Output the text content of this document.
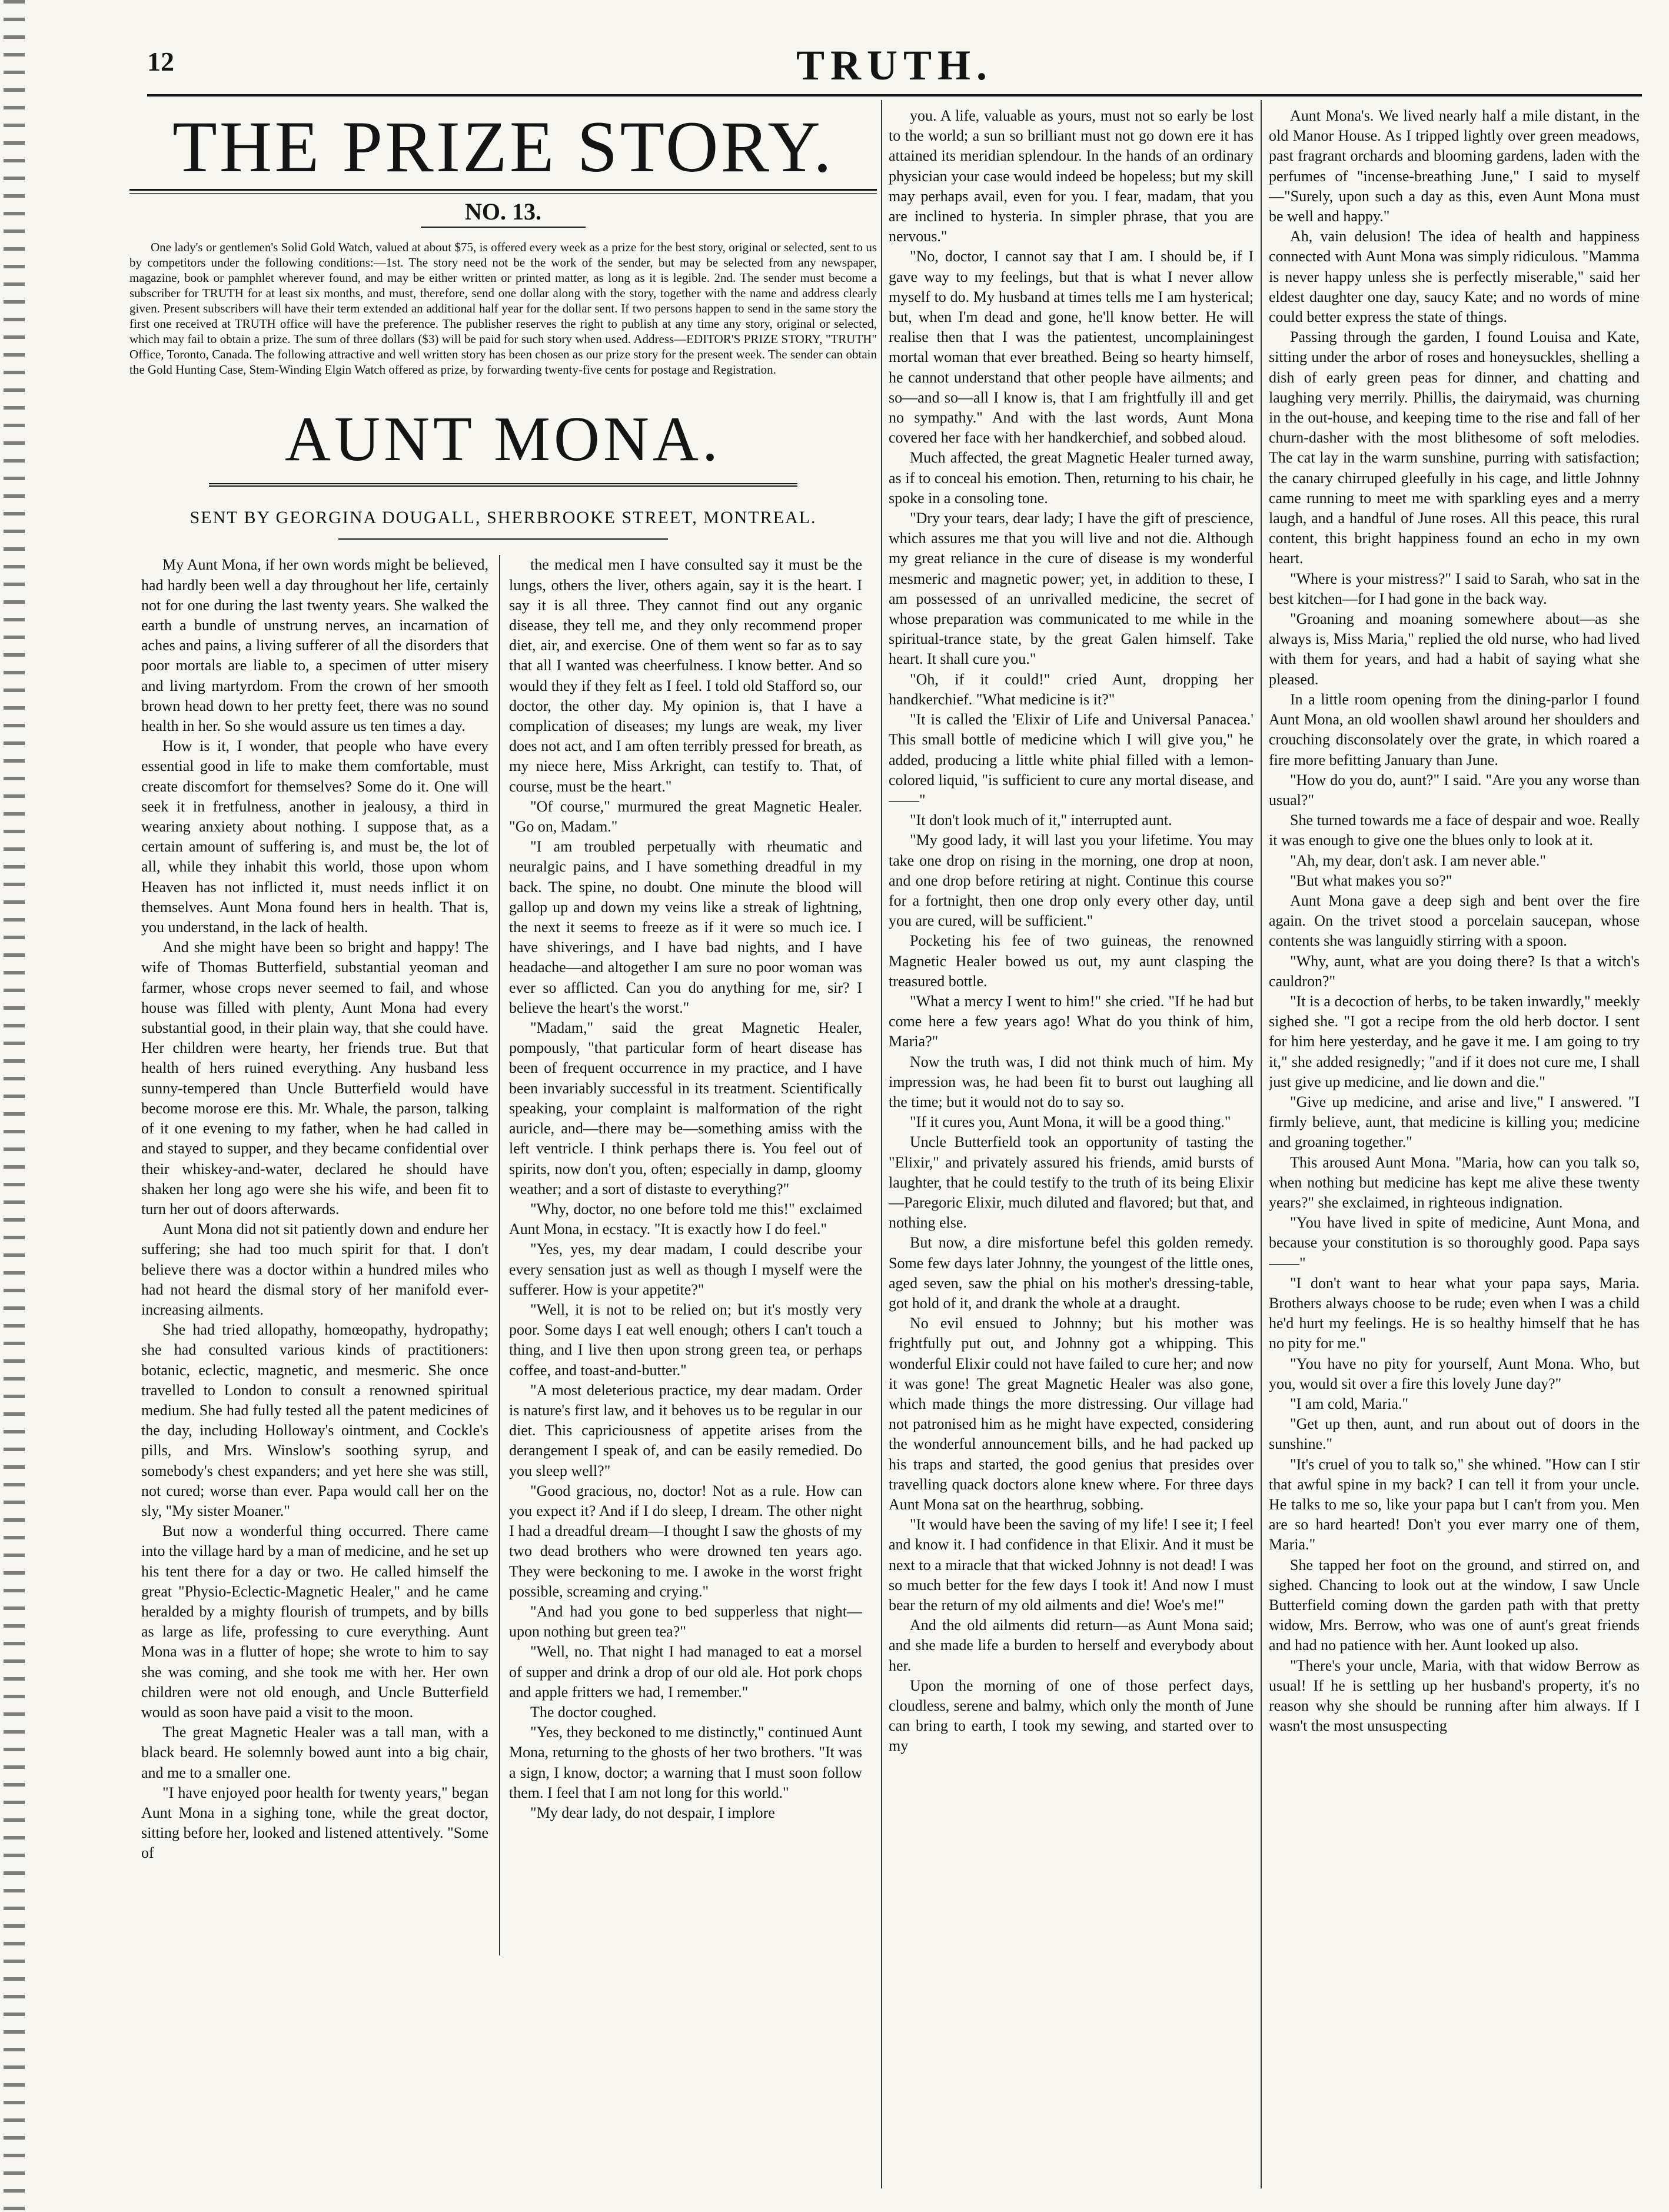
12	TRUTH.
THE PRIZE STORY.
NO. 13.

One lady's or gentlemen's Solid Gold Watch, valued at about $75, is offered every week as a prize for the best story, original or selected, sent to us by competitors under the following conditions:—1st. The story need not be the work of the sender, but may be selected from any newspaper, magazine, book or pamphlet wherever found, and may be either written or printed matter, as long as it is legible. 2nd. The sender must become a subscriber for TRUTH for at least six months, and must, therefore, send one dollar along with the story, together with the name and address clearly given. Present subscribers will have their term extended an additional half year for the dollar sent. If two persons happen to send in the same story the first one received at TRUTH office will have the preference. The publisher reserves the right to publish at any time any story, original or selected, which may fail to obtain a prize. The sum of three dollars ($3) will be paid for such story when used. Address—EDITOR'S PRIZE STORY, "TRUTH" Office, Toronto, Canada. The following attractive and well written story has been chosen as our prize story for the present week. The sender can obtain the Gold Hunting Case, Stem-Winding Elgin Watch offered as prize, by forwarding twenty-five cents for postage and Registration.

AUNT MONA.
SENT BY GEORGINA DOUGALL, SHERBROOKE STREET, MONTREAL.

My Aunt Mona, if her own words might be believed, had hardly been well a day throughout her life, certainly not for one during the last twenty years. She walked the earth a bundle of unstrung nerves, an incarnation of aches and pains, a living sufferer of all the disorders that poor mortals are liable to, a specimen of utter misery and living martyrdom. From the crown of her smooth brown head down to her pretty feet, there was no sound health in her. So she would assure us ten times a day.

How is it, I wonder, that people who have every essential good in life to make them comfortable, must create discomfort for themselves? Some do it. One will seek it in fretfulness, another in jealousy, a third in wearing anxiety about nothing. I suppose that, as a certain amount of suffering is, and must be, the lot of all, while they inhabit this world, those upon whom Heaven has not inflicted it, must needs inflict it on themselves. Aunt Mona found hers in health. That is, you understand, in the lack of health.

And she might have been so bright and happy! The wife of Thomas Butterfield, substantial yeoman and farmer, whose crops never seemed to fail, and whose house was filled with plenty, Aunt Mona had every substantial good, in their plain way, that she could have. Her children were hearty, her friends true. But that health of hers ruined everything. Any husband less sunny-tempered than Uncle Butterfield would have become morose ere this. Mr. Whale, the parson, talking of it one evening to my father, when he had called in and stayed to supper, and they became confidential over their whiskey-and-water, declared he should have shaken her long ago were she his wife, and been fit to turn her out of doors afterwards.

Aunt Mona did not sit patiently down and endure her suffering; she had too much spirit for that. I don't believe there was a doctor within a hundred miles who had not heard the dismal story of her manifold ever-increasing ailments.

She had tried allopathy, homœopathy, hydropathy; she had consulted various kinds of practitioners: botanic, eclectic, magnetic, and mesmeric. She once travelled to London to consult a renowned spiritual medium. She had fully tested all the patent medicines of the day, including Holloway's ointment, and Cockle's pills, and Mrs. Winslow's soothing syrup, and somebody's chest expanders; and yet here she was still, not cured; worse than ever. Papa would call her on the sly, "My sister Moaner."

But now a wonderful thing occurred. There came into the village hard by a man of medicine, and he set up his tent there for a day or two. He called himself the great "Physio-Eclectic-Magnetic Healer," and he came heralded by a mighty flourish of trumpets, and by bills as large as life, professing to cure everything. Aunt Mona was in a flutter of hope; she wrote to him to say she was coming, and she took me with her. Her own children were not old enough, and Uncle Butterfield would as soon have paid a visit to the moon.

The great Magnetic Healer was a tall man, with a black beard. He solemnly bowed aunt into a big chair, and me to a smaller one.

"I have enjoyed poor health for twenty years," began Aunt Mona in a sighing tone, while the great doctor, sitting before her, looked and listened attentively. "Some of

the medical men I have consulted say it must be the lungs, others the liver, others again, say it is the heart. I say it is all three. They cannot find out any organic disease, they tell me, and they only recommend proper diet, air, and exercise. One of them went so far as to say that all I wanted was cheerfulness. I know better. And so would they if they felt as I feel. I told old Stafford so, our doctor, the other day. My opinion is, that I have a complication of diseases; my lungs are weak, my liver does not act, and I am often terribly pressed for breath, as my niece here, Miss Arkright, can testify to. That, of course, must be the heart."

"Of course," murmured the great Magnetic Healer. "Go on, Madam."

"I am troubled perpetually with rheumatic and neuralgic pains, and I have something dreadful in my back. The spine, no doubt. One minute the blood will gallop up and down my veins like a streak of lightning, the next it seems to freeze as if it were so much ice. I have shiverings, and I have bad nights, and I have headache—and altogether I am sure no poor woman was ever so afflicted. Can you do anything for me, sir? I believe the heart's the worst."

"Madam," said the great Magnetic Healer, pompously, "that particular form of heart disease has been of frequent occurrence in my practice, and I have been invariably successful in its treatment. Scientifically speaking, your complaint is malformation of the right auricle, and—there may be—something amiss with the left ventricle. I think perhaps there is. You feel out of spirits, now don't you, often; especially in damp, gloomy weather; and a sort of distaste to everything?"

"Why, doctor, no one before told me this!" exclaimed Aunt Mona, in ecstacy. "It is exactly how I do feel."

"Yes, yes, my dear madam, I could describe your every sensation just as well as though I myself were the sufferer. How is your appetite?"

"Well, it is not to be relied on; but it's mostly very poor. Some days I eat well enough; others I can't touch a thing, and I live then upon strong green tea, or perhaps coffee, and toast-and-butter."

"A most deleterious practice, my dear madam. Order is nature's first law, and it behoves us to be regular in our diet. This capriciousness of appetite arises from the derangement I speak of, and can be easily remedied. Do you sleep well?"

"Good gracious, no, doctor! Not as a rule. How can you expect it? And if I do sleep, I dream. The other night I had a dreadful dream—I thought I saw the ghosts of my two dead brothers who were drowned ten years ago. They were beckoning to me. I awoke in the worst fright possible, screaming and crying."

"And had you gone to bed supperless that night—upon nothing but green tea?"

"Well, no. That night I had managed to eat a morsel of supper and drink a drop of our old ale. Hot pork chops and apple fritters we had, I remember."

The doctor coughed.

"Yes, they beckoned to me distinctly," continued Aunt Mona, returning to the ghosts of her two brothers. "It was a sign, I know, doctor; a warning that I must soon follow them. I feel that I am not long for this world."

"My dear lady, do not despair, I implore

you. A life, valuable as yours, must not so early be lost to the world; a sun so brilliant must not go down ere it has attained its meridian splendour. In the hands of an ordinary physician your case would indeed be hopeless; but my skill may perhaps avail, even for you. I fear, madam, that you are inclined to hysteria. In simpler phrase, that you are nervous."

"No, doctor, I cannot say that I am. I should be, if I gave way to my feelings, but that is what I never allow myself to do. My husband at times tells me I am hysterical; but, when I'm dead and gone, he'll know better. He will realise then that I was the patientest, uncomplainingest mortal woman that ever breathed. Being so hearty himself, he cannot understand that other people have ailments; and so—and so—all I know is, that I am frightfully ill and get no sympathy." And with the last words, Aunt Mona covered her face with her handkerchief, and sobbed aloud.

Much affected, the great Magnetic Healer turned away, as if to conceal his emotion. Then, returning to his chair, he spoke in a consoling tone.

"Dry your tears, dear lady; I have the gift of prescience, which assures me that you will live and not die. Although my great reliance in the cure of disease is my wonderful mesmeric and magnetic power; yet, in addition to these, I am possessed of an unrivalled medicine, the secret of whose preparation was communicated to me while in the spiritual-trance state, by the great Galen himself. Take heart. It shall cure you."

"Oh, if it could!" cried Aunt, dropping her handkerchief. "What medicine is it?"

"It is called the 'Elixir of Life and Universal Panacea.' This small bottle of medicine which I will give you," he added, producing a little white phial filled with a lemon-colored liquid, "is sufficient to cure any mortal disease, and——"

"It don't look much of it," interrupted aunt.

"My good lady, it will last you your lifetime. You may take one drop on rising in the morning, one drop at noon, and one drop before retiring at night. Continue this course for a fortnight, then one drop only every other day, until you are cured, will be sufficient."

Pocketing his fee of two guineas, the renowned Magnetic Healer bowed us out, my aunt clasping the treasured bottle.

"What a mercy I went to him!" she cried. "If he had but come here a few years ago! What do you think of him, Maria?"

Now the truth was, I did not think much of him. My impression was, he had been fit to burst out laughing all the time; but it would not do to say so.

"If it cures you, Aunt Mona, it will be a good thing."

Uncle Butterfield took an opportunity of tasting the "Elixir," and privately assured his friends, amid bursts of laughter, that he could testify to the truth of its being Elixir—Paregoric Elixir, much diluted and flavored; but that, and nothing else.

But now, a dire misfortune befel this golden remedy. Some few days later Johnny, the youngest of the little ones, aged seven, saw the phial on his mother's dressing-table, got hold of it, and drank the whole at a draught.

No evil ensued to Johnny; but his mother was frightfully put out, and Johnny got a whipping. This wonderful Elixir could not have failed to cure her; and now it was gone! The great Magnetic Healer was also gone, which made things the more distressing. Our village had not patronised him as he might have expected, considering the wonderful announcement bills, and he had packed up his traps and started, the good genius that presides over travelling quack doctors alone knew where. For three days Aunt Mona sat on the hearthrug, sobbing.

"It would have been the saving of my life! I see it; I feel and know it. I had confidence in that Elixir. And it must be next to a miracle that that wicked Johnny is not dead! I was so much better for the few days I took it! And now I must bear the return of my old ailments and die! Woe's me!"

And the old ailments did return—as Aunt Mona said; and she made life a burden to herself and everybody about her.

Upon the morning of one of those perfect days, cloudless, serene and balmy, which only the month of June can bring to earth, I took my sewing, and started over to my

Aunt Mona's. We lived nearly half a mile distant, in the old Manor House. As I tripped lightly over green meadows, past fragrant orchards and blooming gardens, laden with the perfumes of "incense-breathing June," I said to myself—"Surely, upon such a day as this, even Aunt Mona must be well and happy."

Ah, vain delusion! The idea of health and happiness connected with Aunt Mona was simply ridiculous. "Mamma is never happy unless she is perfectly miserable," said her eldest daughter one day, saucy Kate; and no words of mine could better express the state of things.

Passing through the garden, I found Louisa and Kate, sitting under the arbor of roses and honeysuckles, shelling a dish of early green peas for dinner, and chatting and laughing very merrily. Phillis, the dairymaid, was churning in the out-house, and keeping time to the rise and fall of her churn-dasher with the most blithesome of soft melodies. The cat lay in the warm sunshine, purring with satisfaction; the canary chirruped gleefully in his cage, and little Johnny came running to meet me with sparkling eyes and a merry laugh, and a handful of June roses. All this peace, this rural content, this bright happiness found an echo in my own heart.

"Where is your mistress?" I said to Sarah, who sat in the best kitchen—for I had gone in the back way.

"Groaning and moaning somewhere about—as she always is, Miss Maria," replied the old nurse, who had lived with them for years, and had a habit of saying what she pleased.

In a little room opening from the dining-parlor I found Aunt Mona, an old woollen shawl around her shoulders and crouching disconsolately over the grate, in which roared a fire more befitting January than June.

"How do you do, aunt?" I said. "Are you any worse than usual?"

She turned towards me a face of despair and woe. Really it was enough to give one the blues only to look at it.

"Ah, my dear, don't ask. I am never able."

"But what makes you so?"

Aunt Mona gave a deep sigh and bent over the fire again. On the trivet stood a porcelain saucepan, whose contents she was languidly stirring with a spoon.

"Why, aunt, what are you doing there? Is that a witch's cauldron?"

"It is a decoction of herbs, to be taken inwardly," meekly sighed she. "I got a recipe from the old herb doctor. I sent for him here yesterday, and he gave it me. I am going to try it," she added resignedly; "and if it does not cure me, I shall just give up medicine, and lie down and die."

"Give up medicine, and arise and live," I answered. "I firmly believe, aunt, that medicine is killing you; medicine and groaning together."

This aroused Aunt Mona. "Maria, how can you talk so, when nothing but medicine has kept me alive these twenty years?" she exclaimed, in righteous indignation.

"You have lived in spite of medicine, Aunt Mona, and because your constitution is so thoroughly good. Papa says——"

"I don't want to hear what your papa says, Maria. Brothers always choose to be rude; even when I was a child he'd hurt my feelings. He is so healthy himself that he has no pity for me."

"You have no pity for yourself, Aunt Mona. Who, but you, would sit over a fire this lovely June day?"

"I am cold, Maria."

"Get up then, aunt, and run about out of doors in the sunshine."

"It's cruel of you to talk so," she whined. "How can I stir that awful spine in my back? I can tell it from your uncle. He talks to me so, like your papa but I can't from you. Men are so hard hearted! Don't you ever marry one of them, Maria."

She tapped her foot on the ground, and stirred on, and sighed. Chancing to look out at the window, I saw Uncle Butterfield coming down the garden path with that pretty widow, Mrs. Berrow, who was one of aunt's great friends and had no patience with her. Aunt looked up also.

"There's your uncle, Maria, with that widow Berrow as usual! If he is settling up her husband's property, it's no reason why she should be running after him always. If I wasn't the most unsuspecting
